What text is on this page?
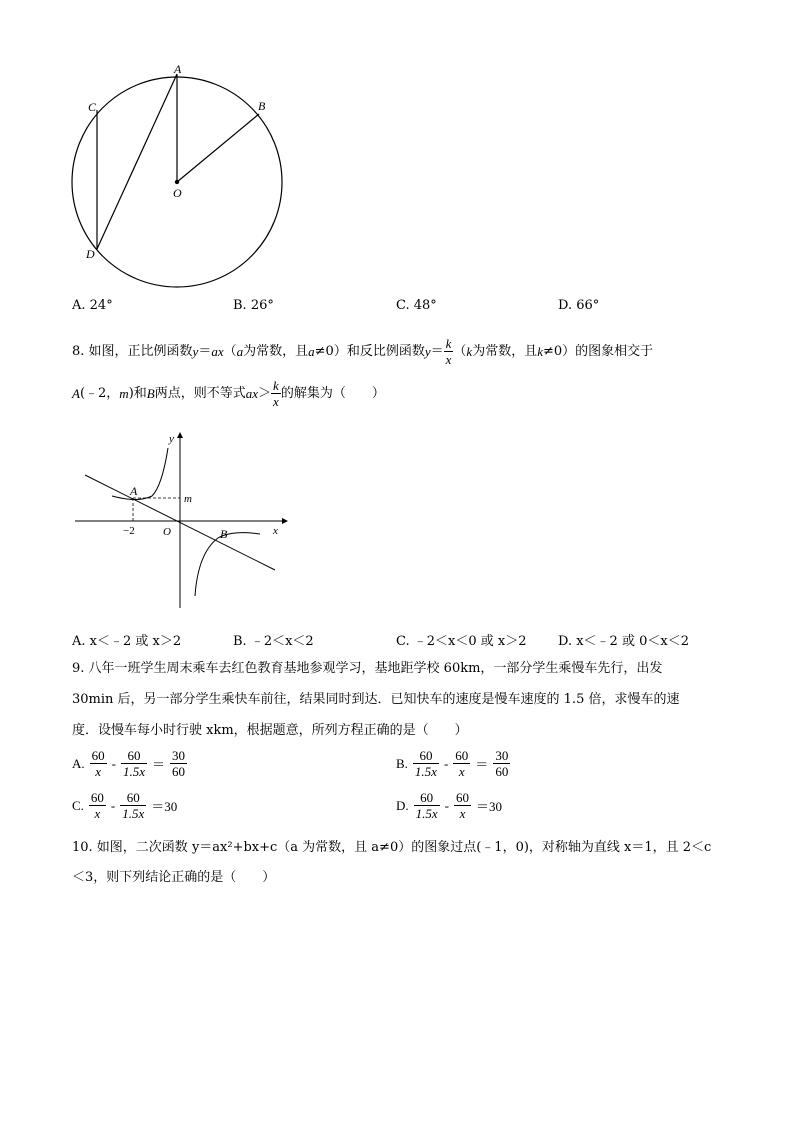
A
B
C
D
O
A. 24°	B. 26°	C. 48°	D. 66°
8. 如图，正比例函数 y ＝ ax （ a 为常数，且 a ≠0）和反比例函数 $y = \frac{k}{x}$ （ k 为常数，且 k ≠0）的图象相交于
A (﹣2， m )和 B 两点，则不等式 ax ＞ $\frac{k}{x}$ 的解集为（　　）
y
x
A
B
O
m
−2
A. x＜﹣2 或 x＞2	B. ﹣2＜x＜2	C. ﹣2＜x＜0 或 x＞2 D. x＜﹣2 或 0＜x＜2
9. 八年一班学生周末乘车去红色教育基地参观学习，基地距学校 60km，一部分学生乘慢车先行，出发
30min 后，另一部分学生乘快车前往，结果同时到达．已知快车的速度是慢车速度的 1.5 倍，求慢车的速
度．设慢车每小时行驶 xkm，根据题意，所列方程正确的是（　　）
A. $\frac{60}{x} - \frac{60}{1.5x} = \frac{30}{60}$	B. $\frac{60}{1.5x} - \frac{60}{x} = \frac{30}{60}$
C. $\frac{60}{x} - \frac{60}{1.5x} =30$	D. $\frac{60}{1.5x} - \frac{60}{x} =30$
10. 如图，二次函数 y＝ax²+bx+c（a 为常数，且 a≠0）的图象过点(﹣1，0)，对称轴为直线 x＝1，且 2＜c
＜3，则下列结论正确的是（　　）
